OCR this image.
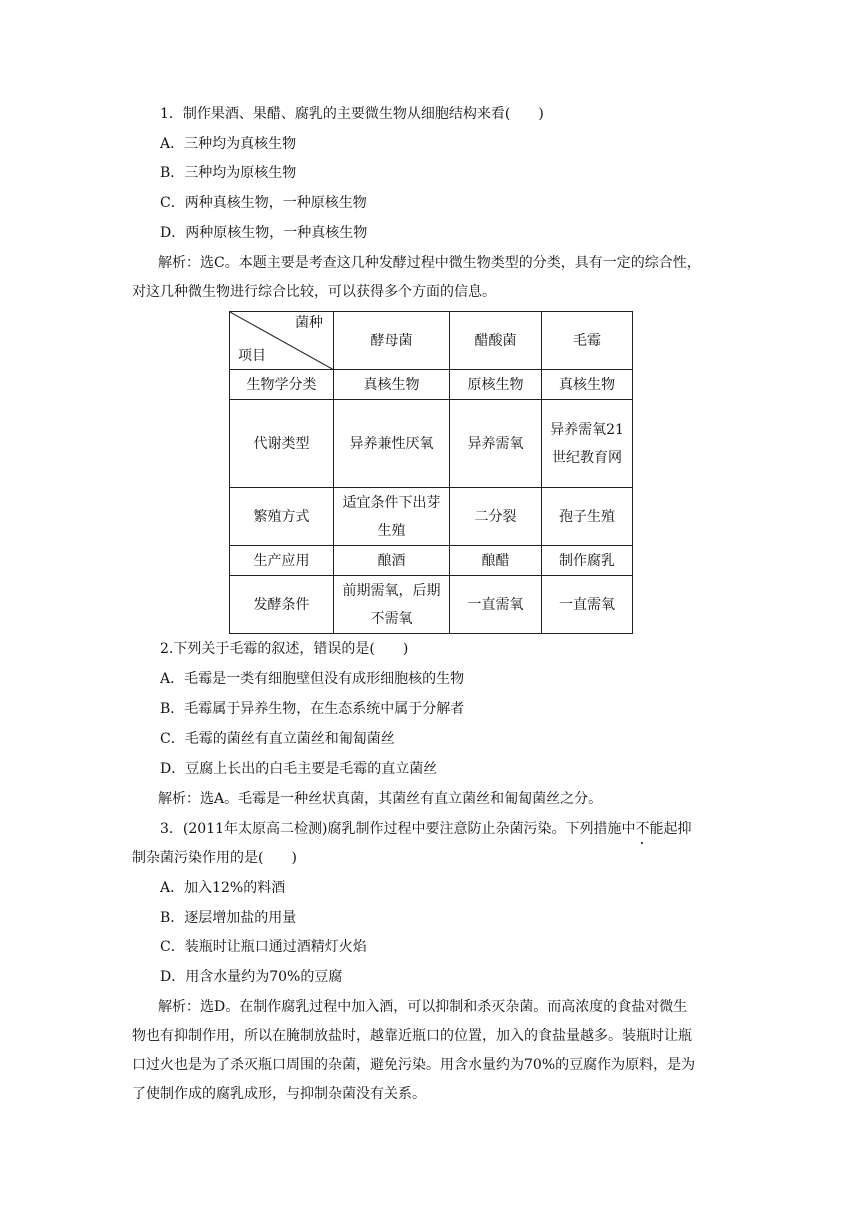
1．制作果酒、果醋、腐乳的主要微生物从细胞结构来看(　　)
A．三种均为真核生物
B．三种均为原核生物
C．两种真核生物，一种原核生物
D．两种原核生物，一种真核生物
解析：选C。本题主要是考查这几种发酵过程中微生物类型的分类，具有一定的综合性，
对这几种微生物进行综合比较，可以获得多个方面的信息。
菌种
项目	酵母菌	醋酸菌	毛霉
生物学分类	真核生物	原核生物	真核生物
代谢类型	异养兼性厌氧	异养需氧	异养需氧21世纪教育网
繁殖方式	适宜条件下出芽生殖	二分裂	孢子生殖
生产应用	酿酒	酿醋	制作腐乳
发酵条件	前期需氧，后期不需氧	一直需氧	一直需氧
2.下列关于毛霉的叙述，错误的是(　　)
A．毛霉是一类有细胞壁但没有成形细胞核的生物
B．毛霉属于异养生物，在生态系统中属于分解者
C．毛霉的菌丝有直立菌丝和匍匐菌丝
D．豆腐上长出的白毛主要是毛霉的直立菌丝
解析：选A。毛霉是一种丝状真菌，其菌丝有直立菌丝和匍匐菌丝之分。
3．(2011年太原高二检测)腐乳制作过程中要注意防止杂菌污染。下列措施中不能起抑
制杂菌污染作用的是(　　)
A．加入12%的料酒
B．逐层增加盐的用量
C．装瓶时让瓶口通过酒精灯火焰
D．用含水量约为70%的豆腐
解析：选D。在制作腐乳过程中加入酒，可以抑制和杀灭杂菌。而高浓度的食盐对微生
物也有抑制作用，所以在腌制放盐时，越靠近瓶口的位置，加入的食盐量越多。装瓶时让瓶
口过火也是为了杀灭瓶口周围的杂菌，避免污染。用含水量约为70%的豆腐作为原料，是为
了使制作成的腐乳成形，与抑制杂菌没有关系。
